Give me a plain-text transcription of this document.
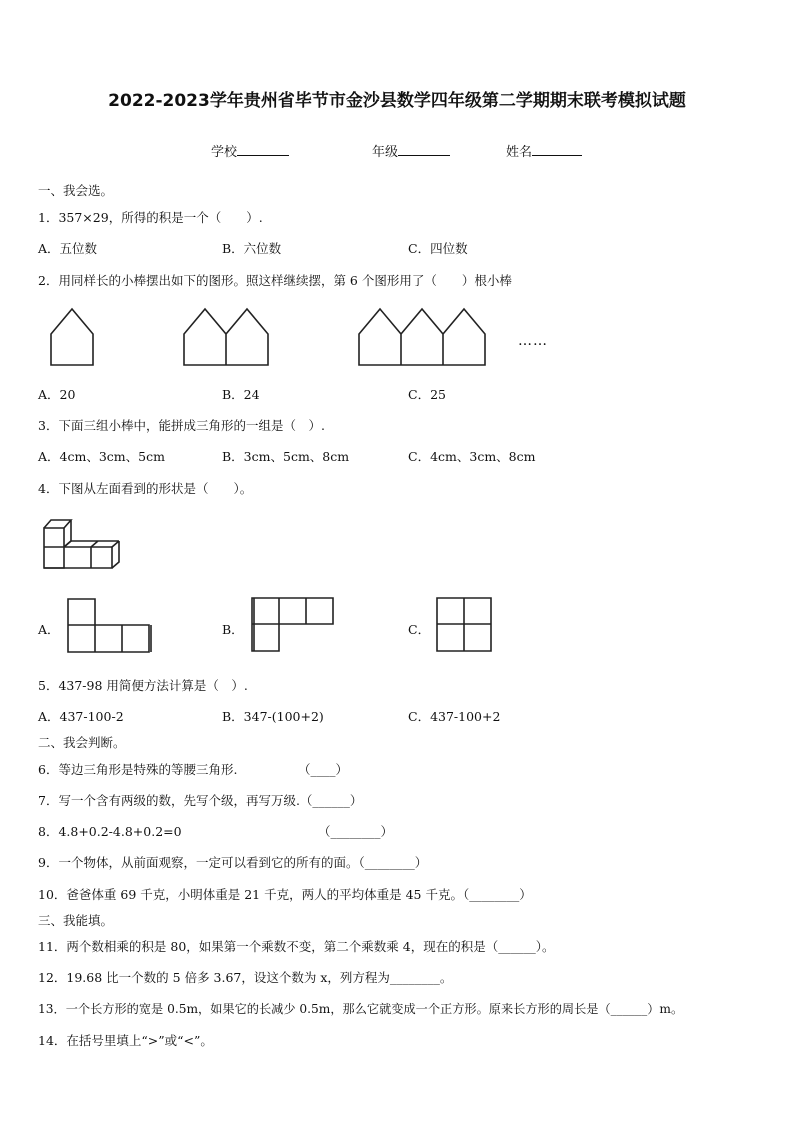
2022-2023学年贵州省毕节市金沙县数学四年级第二学期期末联考模拟试题
学校	年级	姓名
一、我会选。
1．357×29，所得的积是一个（　　）.
A．五位数	B．六位数	C．四位数
2．用同样长的小棒摆出如下的图形。照这样继续摆，第 6 个图形用了（　　）根小棒
……
A．20	B．24	C．25
3．下面三组小棒中，能拼成三角形的一组是（　）.
A．4cm、3cm、5cm	B．3cm、5cm、8cm	C．4cm、3cm、8cm
4．下图从左面看到的形状是（　　）。
A．	B．	C．
5．437-98 用简便方法计算是（　）.
A．437-100-2	B．347-(100+2)	C．437-100+2
二、我会判断。
6．等边三角形是特殊的等腰三角形.	（____）
7．写一个含有两级的数，先写个级，再写万级.（______）
8．4.8+0.2-4.8+0.2=0	（________）
9．一个物体，从前面观察，一定可以看到它的所有的面。（________）
10．爸爸体重 69 千克，小明体重是 21 千克，两人的平均体重是 45 千克。（________）
三、我能填。
11．两个数相乘的积是 80，如果第一个乘数不变，第二个乘数乘 4，现在的积是（______）。
12．19.68 比一个数的 5 倍多 3.67，设这个数为 x，列方程为________。
13．一个长方形的宽是 0.5m，如果它的长减少 0.5m，那么它就变成一个正方形。原来长方形的周长是（______）m。
14．在括号里填上“>”或“<”。
